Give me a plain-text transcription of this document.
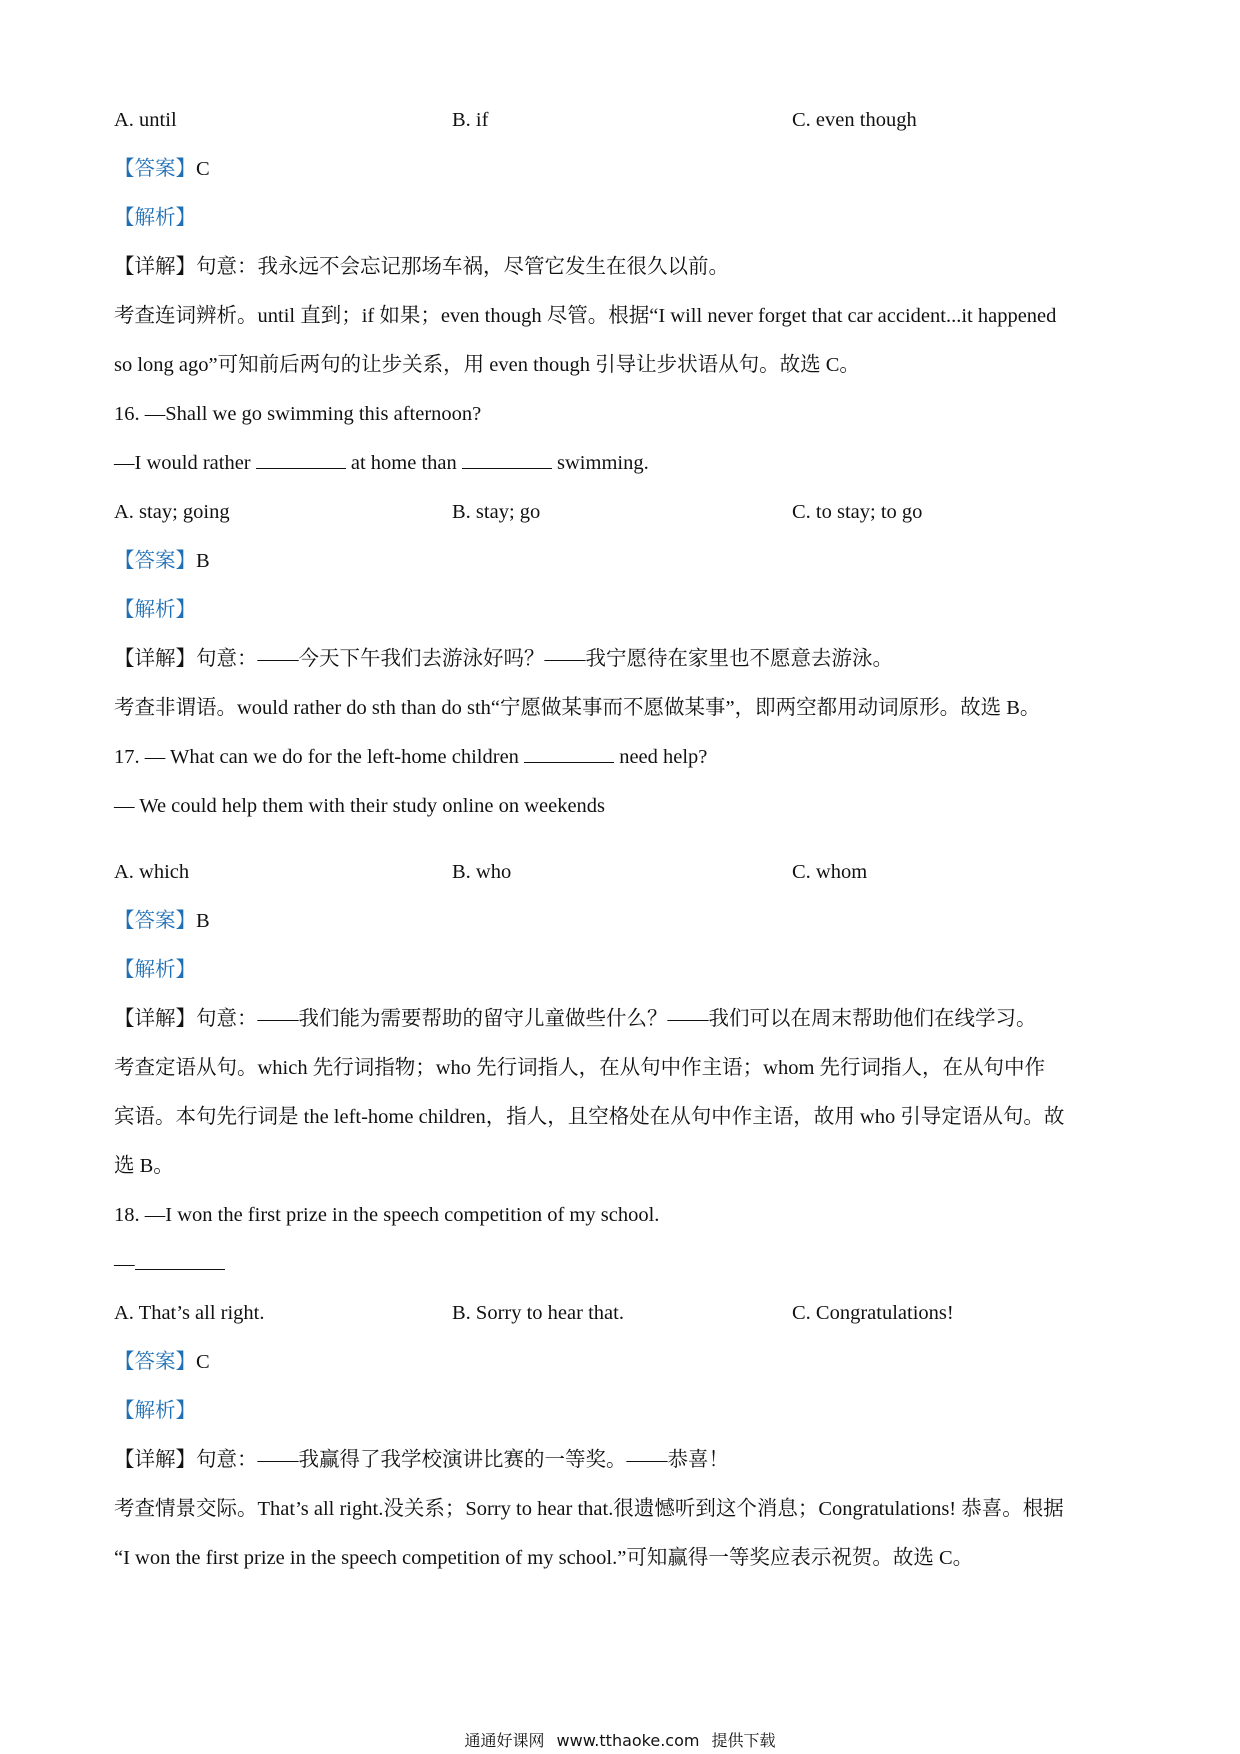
A. until	B. if	C. even though

【答案】C

【解析】

【详解】句意：我永远不会忘记那场车祸，尽管它发生在很久以前。

考查连词辨析。until 直到；if 如果；even though 尽管。根据“I will never forget that car accident...it happened

so long ago”可知前后两句的让步关系，用 even though 引导让步状语从句。故选 C。

16. —Shall we go swimming this afternoon?

—I would rather	at home than	swimming.

A. stay; going	B. stay; go	C. to stay; to go

【答案】B

【解析】

【详解】句意：——今天下午我们去游泳好吗？——我宁愿待在家里也不愿意去游泳。

考查非谓语。would rather do sth than do sth“宁愿做某事而不愿做某事”，即两空都用动词原形。故选 B。

17. — What can we do for the left-home children	need help?

— We could help them with their study online on weekends

A. which	B. who	C. whom

【答案】B

【解析】

【详解】句意：——我们能为需要帮助的留守儿童做些什么？——我们可以在周末帮助他们在线学习。

考查定语从句。which 先行词指物；who 先行词指人，在从句中作主语；whom 先行词指人，在从句中作

宾语。本句先行词是 the left-home children，指人，且空格处在从句中作主语，故用 who 引导定语从句。故

选 B。

18. —I won the first prize in the speech competition of my school.

—

A. That’s all right.	B. Sorry to hear that.	C. Congratulations!

【答案】C

【解析】

【详解】句意：——我赢得了我学校演讲比赛的一等奖。——恭喜！

考查情景交际。That’s all right.没关系；Sorry to hear that.很遗憾听到这个消息；Congratulations! 恭喜。根据

“I won the first prize in the speech competition of my school.”可知赢得一等奖应表示祝贺。故选 C。

通通好课网 www.tthaoke.com 提供下载
